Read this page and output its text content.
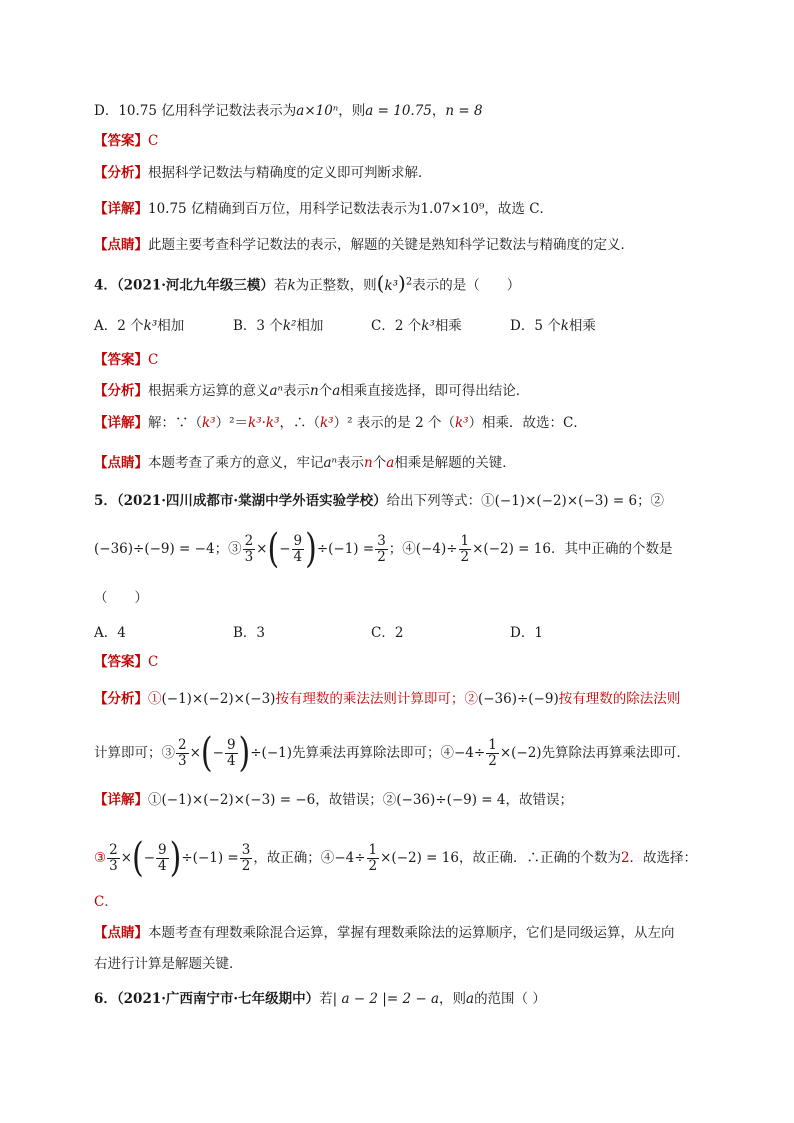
D．10.75 亿用科学记数法表示为a×10ⁿ，则a = 10.75，n = 8
【答案】C
【分析】根据科学记数法与精确度的定义即可判断求解．
【详解】10.75 亿精确到百万位，用科学记数法表示为1.07×10⁹，故选 C．
【点睛】此题主要考查科学记数法的表示，解题的关键是熟知科学记数法与精确度的定义．
4．（2021·河北九年级三模）若k为正整数，则$(k^3)^2$表示的是（　　）
A．2 个k³相加	B．3 个k²相加	C．2 个k³相乘	D．5 个k相乘
【答案】C
【分析】根据乘方运算的意义aⁿ表示n个a相乘直接选择，即可得出结论．
【详解】解：∵（k³）²＝k³·k³，∴（k³）² 表示的是 2 个（k³）相乘．故选：C．
【点睛】本题考查了乘方的意义，牢记aⁿ表示n个a相乘是解题的关键．
5．（2021·四川成都市·棠湖中学外语实验学校）给出下列等式：①(−1)×(−2)×(−3) = 6；②
(−36)÷(−9) = −4；③ $\frac{2}{3}$ ×(− $\frac{9}{4} )\div(-1) = \frac{3}{2}$ ；④(−4)÷ $\frac{1}{2} \times(-2) = 16$．其中正确的个数是
（　　）
A．4	B．3	C．2	D．1
【答案】C
【分析】①(−1)×(−2)×(−3)按有理数的乘法法则计算即可；②(−36)÷(−9)按有理数的除法法则
计算即可；③ $\frac{2}{3}$ ×(− $\frac{9}{4} )\div(-1)$先算乘法再算除法即可；④−4÷ $\frac{1}{2} \times(-2)$先算除法再算乘法即可．
【详解】①(−1)×(−2)×(−3) = −6，故错误；②(−36)÷(−9) = 4，故错误；
③ $\frac{2}{3}$ ×(− $\frac{9}{4} )\div(-1) = \frac{3}{2}$ ，故正确；④−4÷ $\frac{1}{2} \times(-2) = 16$，故正确．∴正确的个数为2．故选择：
C．
【点睛】本题考查有理数乘除混合运算，掌握有理数乘除法的运算顺序，它们是同级运算，从左向
右进行计算是解题关键．
6．（2021·广西南宁市·七年级期中）若| a − 2 |= 2 − a，则a的范围（ ）
